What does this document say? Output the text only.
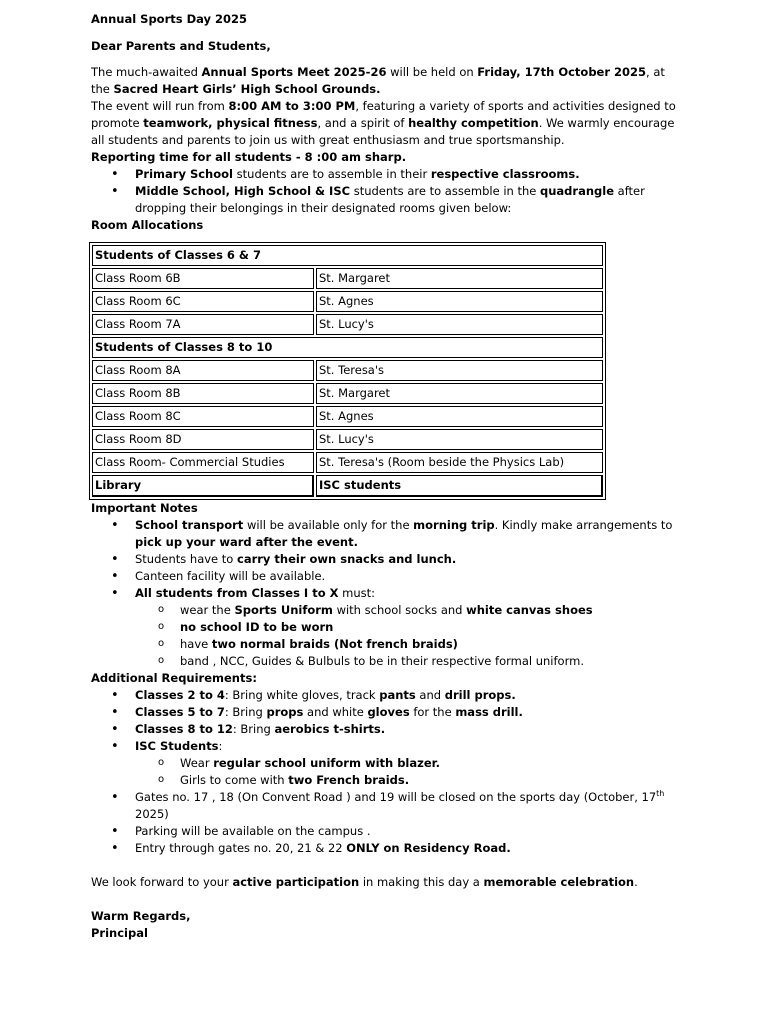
Annual Sports Day 2025

Dear Parents and Students,

The much-awaited Annual Sports Meet 2025-26 will be held on Friday, 17th October 2025, at the Sacred Heart Girls’ High School Grounds.
The event will run from 8:00 AM to 3:00 PM, featuring a variety of sports and activities designed to promote teamwork, physical fitness, and a spirit of healthy competition. We warmly encourage all students and parents to join us with great enthusiasm and true sportsmanship.

Reporting time for all students - 8 :00 am sharp.

• Primary School students are to assemble in their respective classrooms.
• Middle School, High School & ISC students are to assemble in the quadrangle after dropping their belongings in their designated rooms given below:

Room Allocations

Students of Classes 6 & 7	
Class Room 6B	St. Margaret
Class Room 6C	St. Agnes
Class Room 7A	St. Lucy's
Students of Classes 8 to 10	
Class Room 8A	St. Teresa's
Class Room 8B	St. Margaret
Class Room 8C	St. Agnes
Class Room 8D	St. Lucy's
Class Room- Commercial Studies	St. Teresa's (Room beside the Physics Lab)
Library	ISC students

Important Notes

• School transport will be available only for the morning trip. Kindly make arrangements to pick up your ward after the event.
• Students have to carry their own snacks and lunch.
• Canteen facility will be available.
• All students from Classes I to X must:
o wear the Sports Uniform with school socks and white canvas shoes
o no school ID to be worn
o have two normal braids (Not french braids)
o band , NCC, Guides & Bulbuls to be in their respective formal uniform.

Additional Requirements:

• Classes 2 to 4: Bring white gloves, track pants and drill props.
• Classes 5 to 7: Bring props and white gloves for the mass drill.
• Classes 8 to 12: Bring aerobics t-shirts.
• ISC Students:
o Wear regular school uniform with blazer.
o Girls to come with two French braids.
• Gates no. 17 , 18 (On Convent Road ) and 19 will be closed on the sports day (October, 17th 2025)
• Parking will be available on the campus .
• Entry through gates no. 20, 21 & 22 ONLY on Residency Road.

We look forward to your active participation in making this day a memorable celebration.

Warm Regards,

Principal
